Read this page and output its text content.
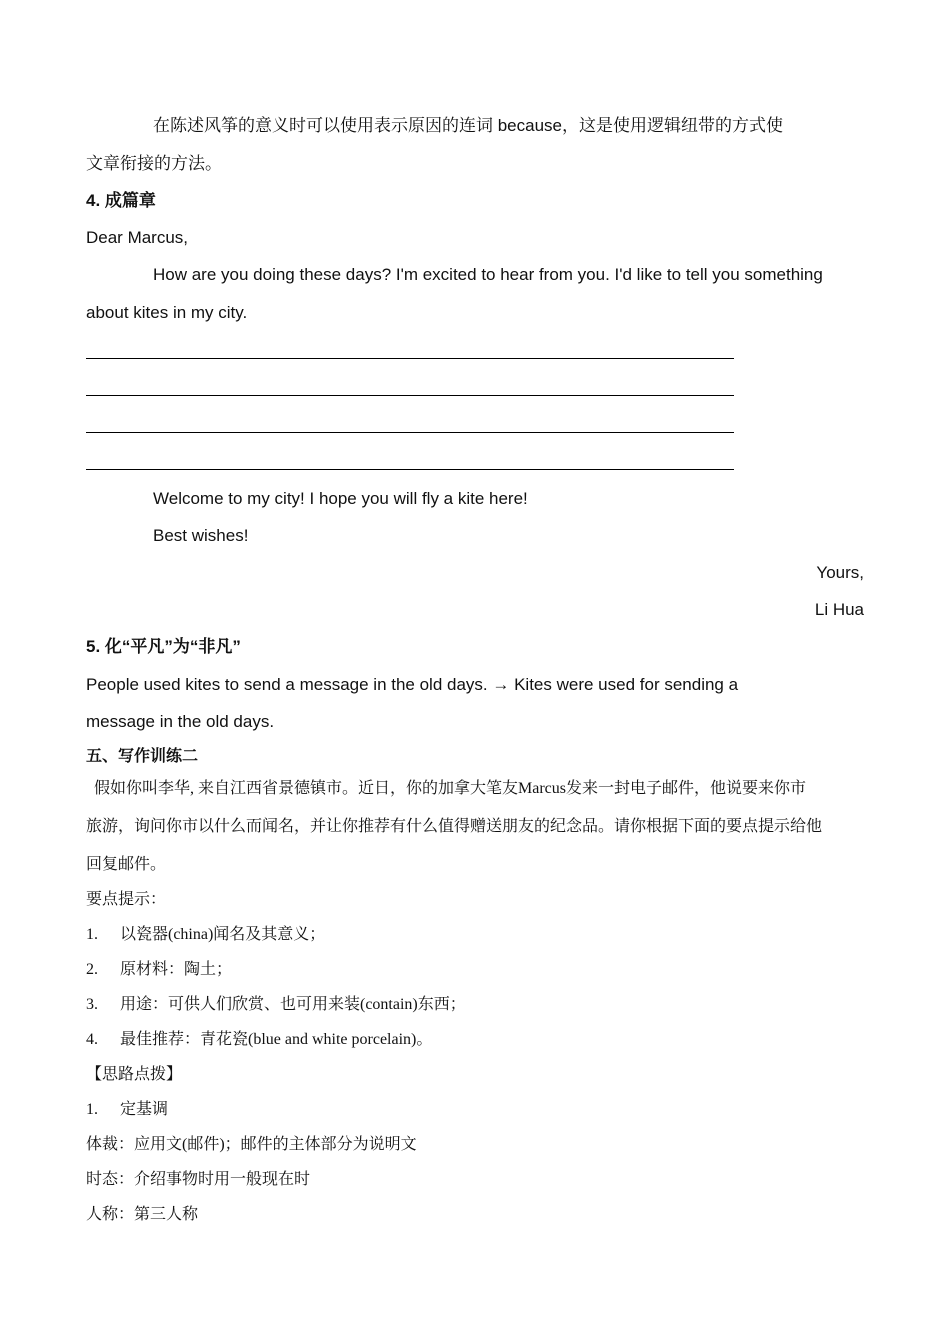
在陈述风筝的意义时可以使用表示原因的连词 because，这是使用逻辑纽带的方式使
文章衔接的方法。
4. 成篇章
Dear Marcus,
How are you doing these days? I'm excited to hear from you. I'd like to tell you something
about kites in my city.
Welcome to my city! I hope you will fly a kite here!
Best wishes!
Yours,
Li Hua
5. 化“平凡”为“非凡”
People used kites to send a message in the old days. → Kites were used for sending a
message in the old days.
五、写作训练二
假如你叫李华, 来自江西省景德镇市。近日，你的加拿大笔友Marcus发来一封电子邮件，他说要来你市
旅游，询问你市以什么而闻名，并让你推荐有什么值得赠送朋友的纪念品。请你根据下面的要点提示给他
回复邮件。
要点提示：
1. 以瓷器(china)闻名及其意义；
2. 原材料：陶土；
3. 用途：可供人们欣赏、也可用来装(contain)东西；
4. 最佳推荐：青花瓷(blue and white porcelain)。
【思路点拨】
1. 定基调
体裁：应用文(邮件)；邮件的主体部分为说明文
时态：介绍事物时用一般现在时
人称：第三人称
